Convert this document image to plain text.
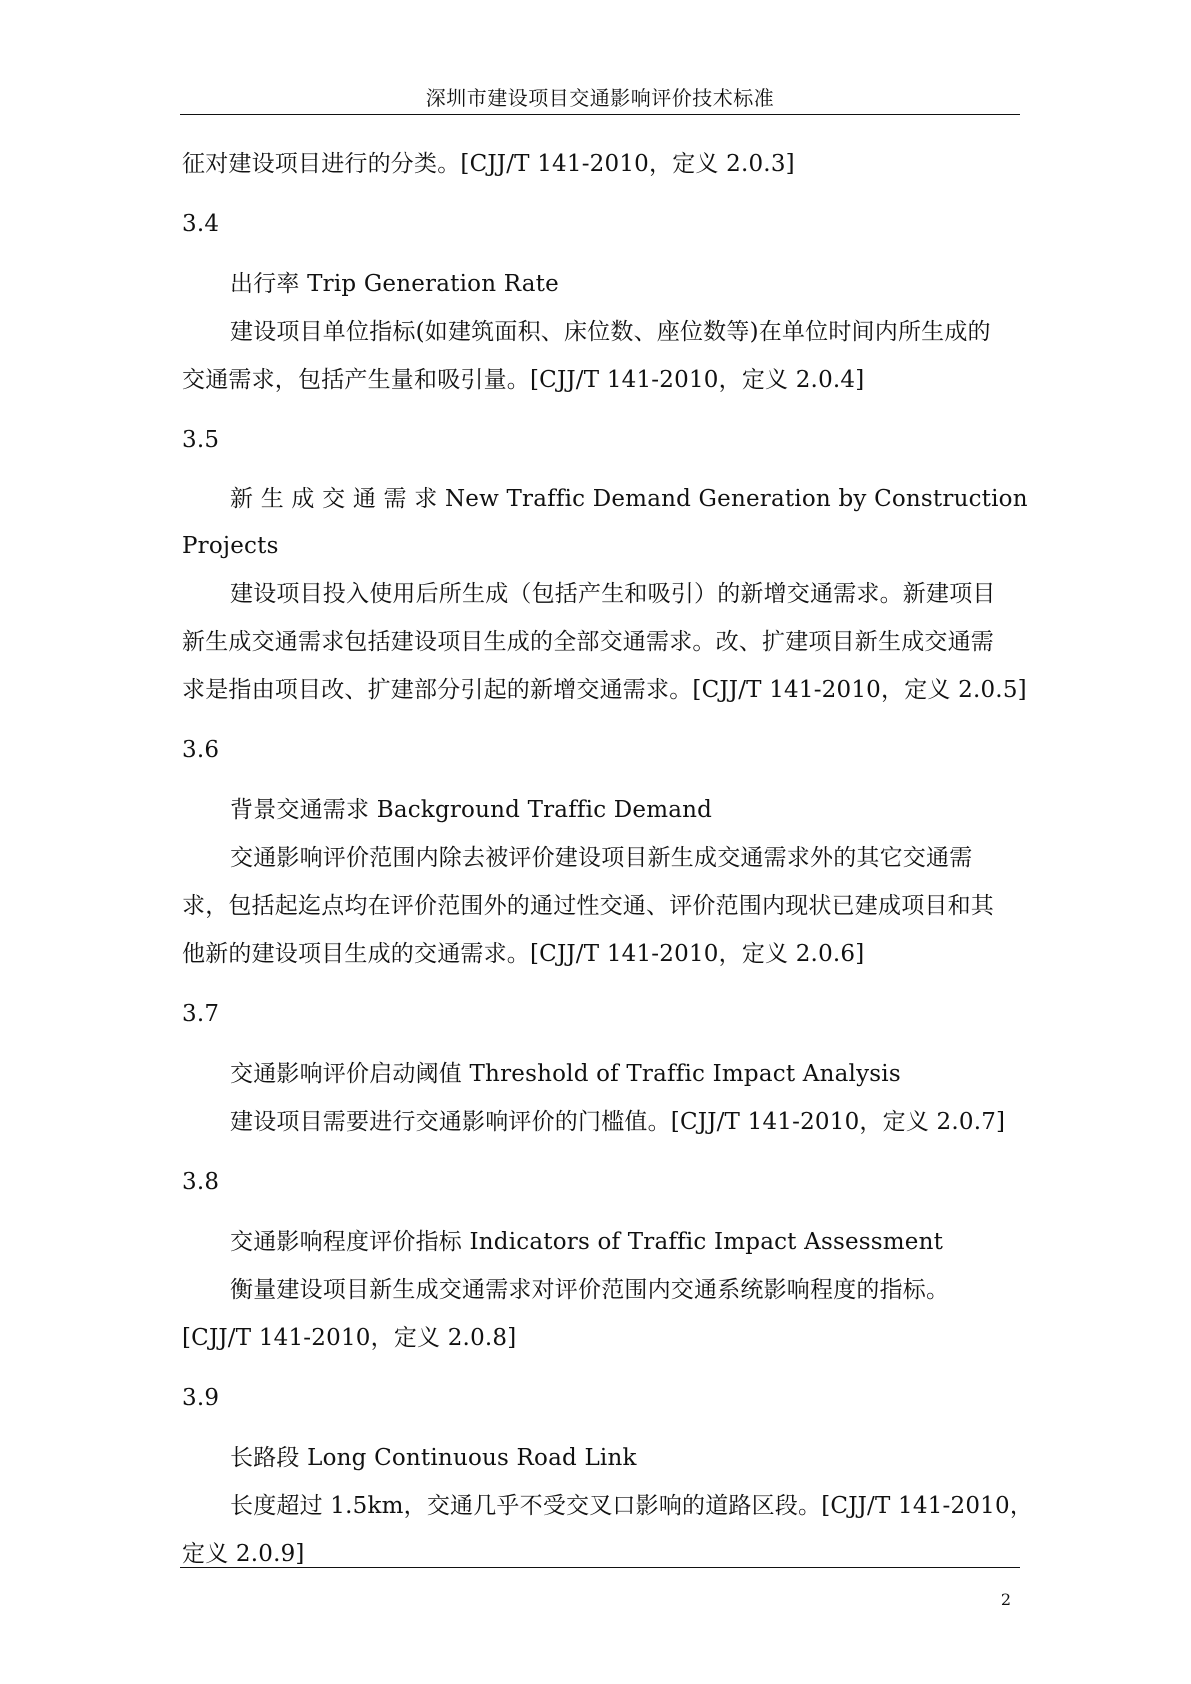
深圳市建设项目交通影响评价技术标准
征对建设项目进行的分类。[CJJ/T 141-2010，定义 2.0.3]
3.4
出行率 Trip Generation Rate
建设项目单位指标(如建筑面积、床位数、座位数等)在单位时间内所生成的
交通需求，包括产生量和吸引量。[CJJ/T 141-2010，定义 2.0.4]
3.5
新 生 成 交 通 需 求 New Traffic Demand Generation by Construction
Projects
建设项目投入使用后所生成（包括产生和吸引）的新增交通需求。新建项目
新生成交通需求包括建设项目生成的全部交通需求。改、扩建项目新生成交通需
求是指由项目改、扩建部分引起的新增交通需求。[CJJ/T 141-2010，定义 2.0.5]
3.6
背景交通需求 Background Traffic Demand
交通影响评价范围内除去被评价建设项目新生成交通需求外的其它交通需
求，包括起迄点均在评价范围外的通过性交通、评价范围内现状已建成项目和其
他新的建设项目生成的交通需求。[CJJ/T 141-2010，定义 2.0.6]
3.7
交通影响评价启动阈值 Threshold of Traffic Impact Analysis
建设项目需要进行交通影响评价的门槛值。[CJJ/T 141-2010，定义 2.0.7]
3.8
交通影响程度评价指标 Indicators of Traffic Impact Assessment
衡量建设项目新生成交通需求对评价范围内交通系统影响程度的指标。
[CJJ/T 141-2010，定义 2.0.8]
3.9
长路段 Long Continuous Road Link
长度超过 1.5km，交通几乎不受交叉口影响的道路区段。[CJJ/T 141-2010，
定义 2.0.9]
2
